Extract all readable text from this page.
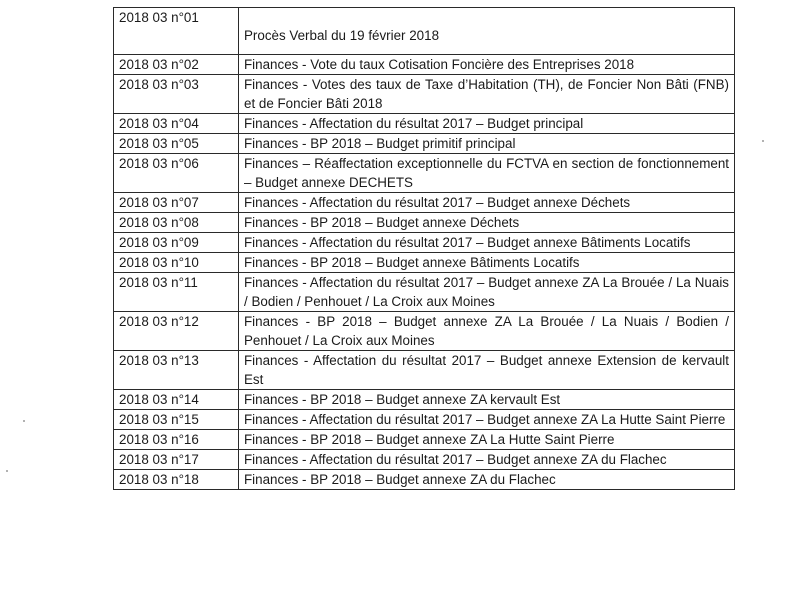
2018 03 n°01	Procès Verbal du 19 février 2018

2018 03 n°02	Finances - Vote du taux Cotisation Foncière des Entreprises 2018

2018 03 n°03	Finances - Votes des taux de Taxe d’Habitation (TH), de Foncier Non Bâti (FNB) et de Foncier Bâti 2018

2018 03 n°04	Finances - Affectation du résultat 2017 – Budget principal

2018 03 n°05	Finances - BP 2018 – Budget primitif principal

2018 03 n°06	Finances – Réaffectation exceptionnelle du FCTVA en section de fonctionnement – Budget annexe DECHETS

2018 03 n°07	Finances - Affectation du résultat 2017 – Budget annexe Déchets

2018 03 n°08	Finances - BP 2018 – Budget annexe Déchets

2018 03 n°09	Finances - Affectation du résultat 2017 – Budget annexe Bâtiments Locatifs

2018 03 n°10	Finances - BP 2018 – Budget annexe Bâtiments Locatifs

2018 03 n°11	Finances - Affectation du résultat 2017 – Budget annexe ZA La Brouée / La Nuais / Bodien / Penhouet / La Croix aux Moines

2018 03 n°12	Finances - BP 2018 – Budget annexe ZA La Brouée / La Nuais / Bodien / Penhouet / La Croix aux Moines

2018 03 n°13	Finances - Affectation du résultat 2017 – Budget annexe Extension de kervault Est

2018 03 n°14	Finances - BP 2018 – Budget annexe ZA kervault Est

2018 03 n°15	Finances - Affectation du résultat 2017 – Budget annexe ZA La Hutte Saint Pierre

2018 03 n°16	Finances - BP 2018 – Budget annexe ZA La Hutte Saint Pierre

2018 03 n°17	Finances - Affectation du résultat 2017 – Budget annexe ZA du Flachec

2018 03 n°18	Finances - BP 2018 – Budget annexe ZA du Flachec
